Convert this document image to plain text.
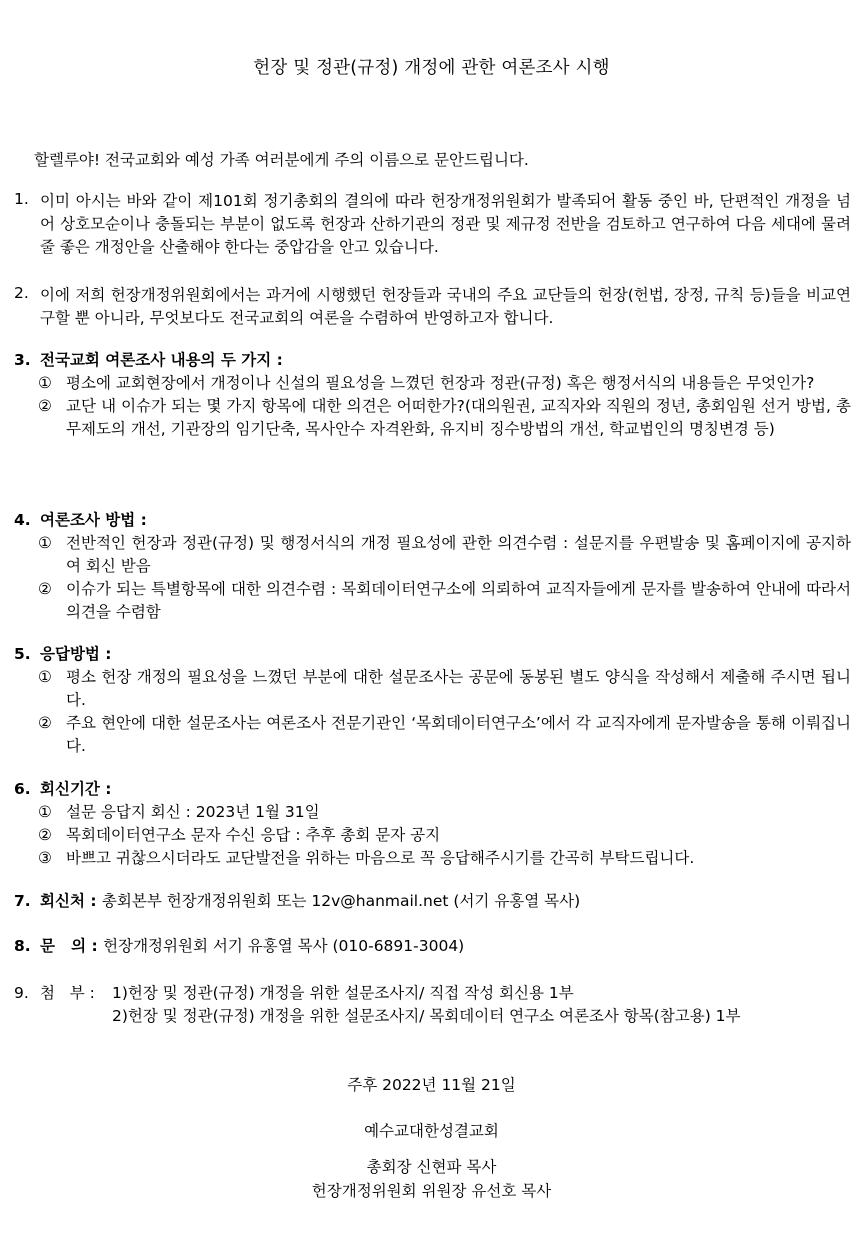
헌장 및 정관(규정) 개정에 관한 여론조사 시행
할렐루야! 전국교회와 예성 가족 여러분에게 주의 이름으로 문안드립니다.
1. 이미 아시는 바와 같이 제101회 정기총회의 결의에 따라 헌장개정위원회가 발족되어 활동 중인 바, 단편적인 개정을 넘어 상호모순이나 충돌되는 부분이 없도록 헌장과 산하기관의 정관 및 제규정 전반을 검토하고 연구하여 다음 세대에 물려 줄 좋은 개정안을 산출해야 한다는 중압감을 안고 있습니다.
2. 이에 저희 헌장개정위원회에서는 과거에 시행했던 헌장들과 국내의 주요 교단들의 헌장(헌법, 장정, 규칙 등)들을 비교연구할 뿐 아니라, 무엇보다도 전국교회의 여론을 수렴하여 반영하고자 합니다.
3. 전국교회 여론조사 내용의 두 가지 :
① 평소에 교회현장에서 개정이나 신설의 필요성을 느꼈던 헌장과 정관(규정) 혹은 행정서식의 내용들은 무엇인가?
② 교단 내 이슈가 되는 몇 가지 항목에 대한 의견은 어떠한가?(대의원권, 교직자와 직원의 정년, 총회임원 선거 방법, 총무제도의 개선, 기관장의 임기단축, 목사안수 자격완화, 유지비 징수방법의 개선, 학교법인의 명칭변경 등)
4. 여론조사 방법 :
① 전반적인 헌장과 정관(규정) 및 행정서식의 개정 필요성에 관한 의견수렴 : 설문지를 우편발송 및 홈페이지에 공지하여 회신 받음
② 이슈가 되는 특별항목에 대한 의견수렴 : 목회데이터연구소에 의뢰하여 교직자들에게 문자를 발송하여 안내에 따라서 의견을 수렴함
5. 응답방법 :
① 평소 헌장 개정의 필요성을 느꼈던 부분에 대한 설문조사는 공문에 동봉된 별도 양식을 작성해서 제출해 주시면 됩니다.
② 주요 현안에 대한 설문조사는 여론조사 전문기관인 ‘목회데이터연구소’에서 각 교직자에게 문자발송을 통해 이뤄집니다.
6. 회신기간 :
① 설문 응답지 회신 : 2023년 1월 31일
② 목회데이터연구소 문자 수신 응답 : 추후 총회 문자 공지
③ 바쁘고 귀찮으시더라도 교단발전을 위하는 마음으로 꼭 응답해주시기를 간곡히 부탁드립니다.
7. 회신처 : 총회본부 헌장개정위원회 또는 12v@hanmail.net (서기 유홍열 목사)
8. 문   의 : 헌장개정위원회 서기 유홍열 목사 (010-6891-3004)
9. 첨   부 : 1)헌장 및 정관(규정) 개정을 위한 설문조사지/ 직접 작성 회신용 1부
2)헌장 및 정관(규정) 개정을 위한 설문조사지/ 목회데이터 연구소 여론조사 항목(참고용) 1부
주후 2022년 11월 21일
예수교대한성결교회
총회장 신현파 목사
헌장개정위원회 위원장 유선호 목사
